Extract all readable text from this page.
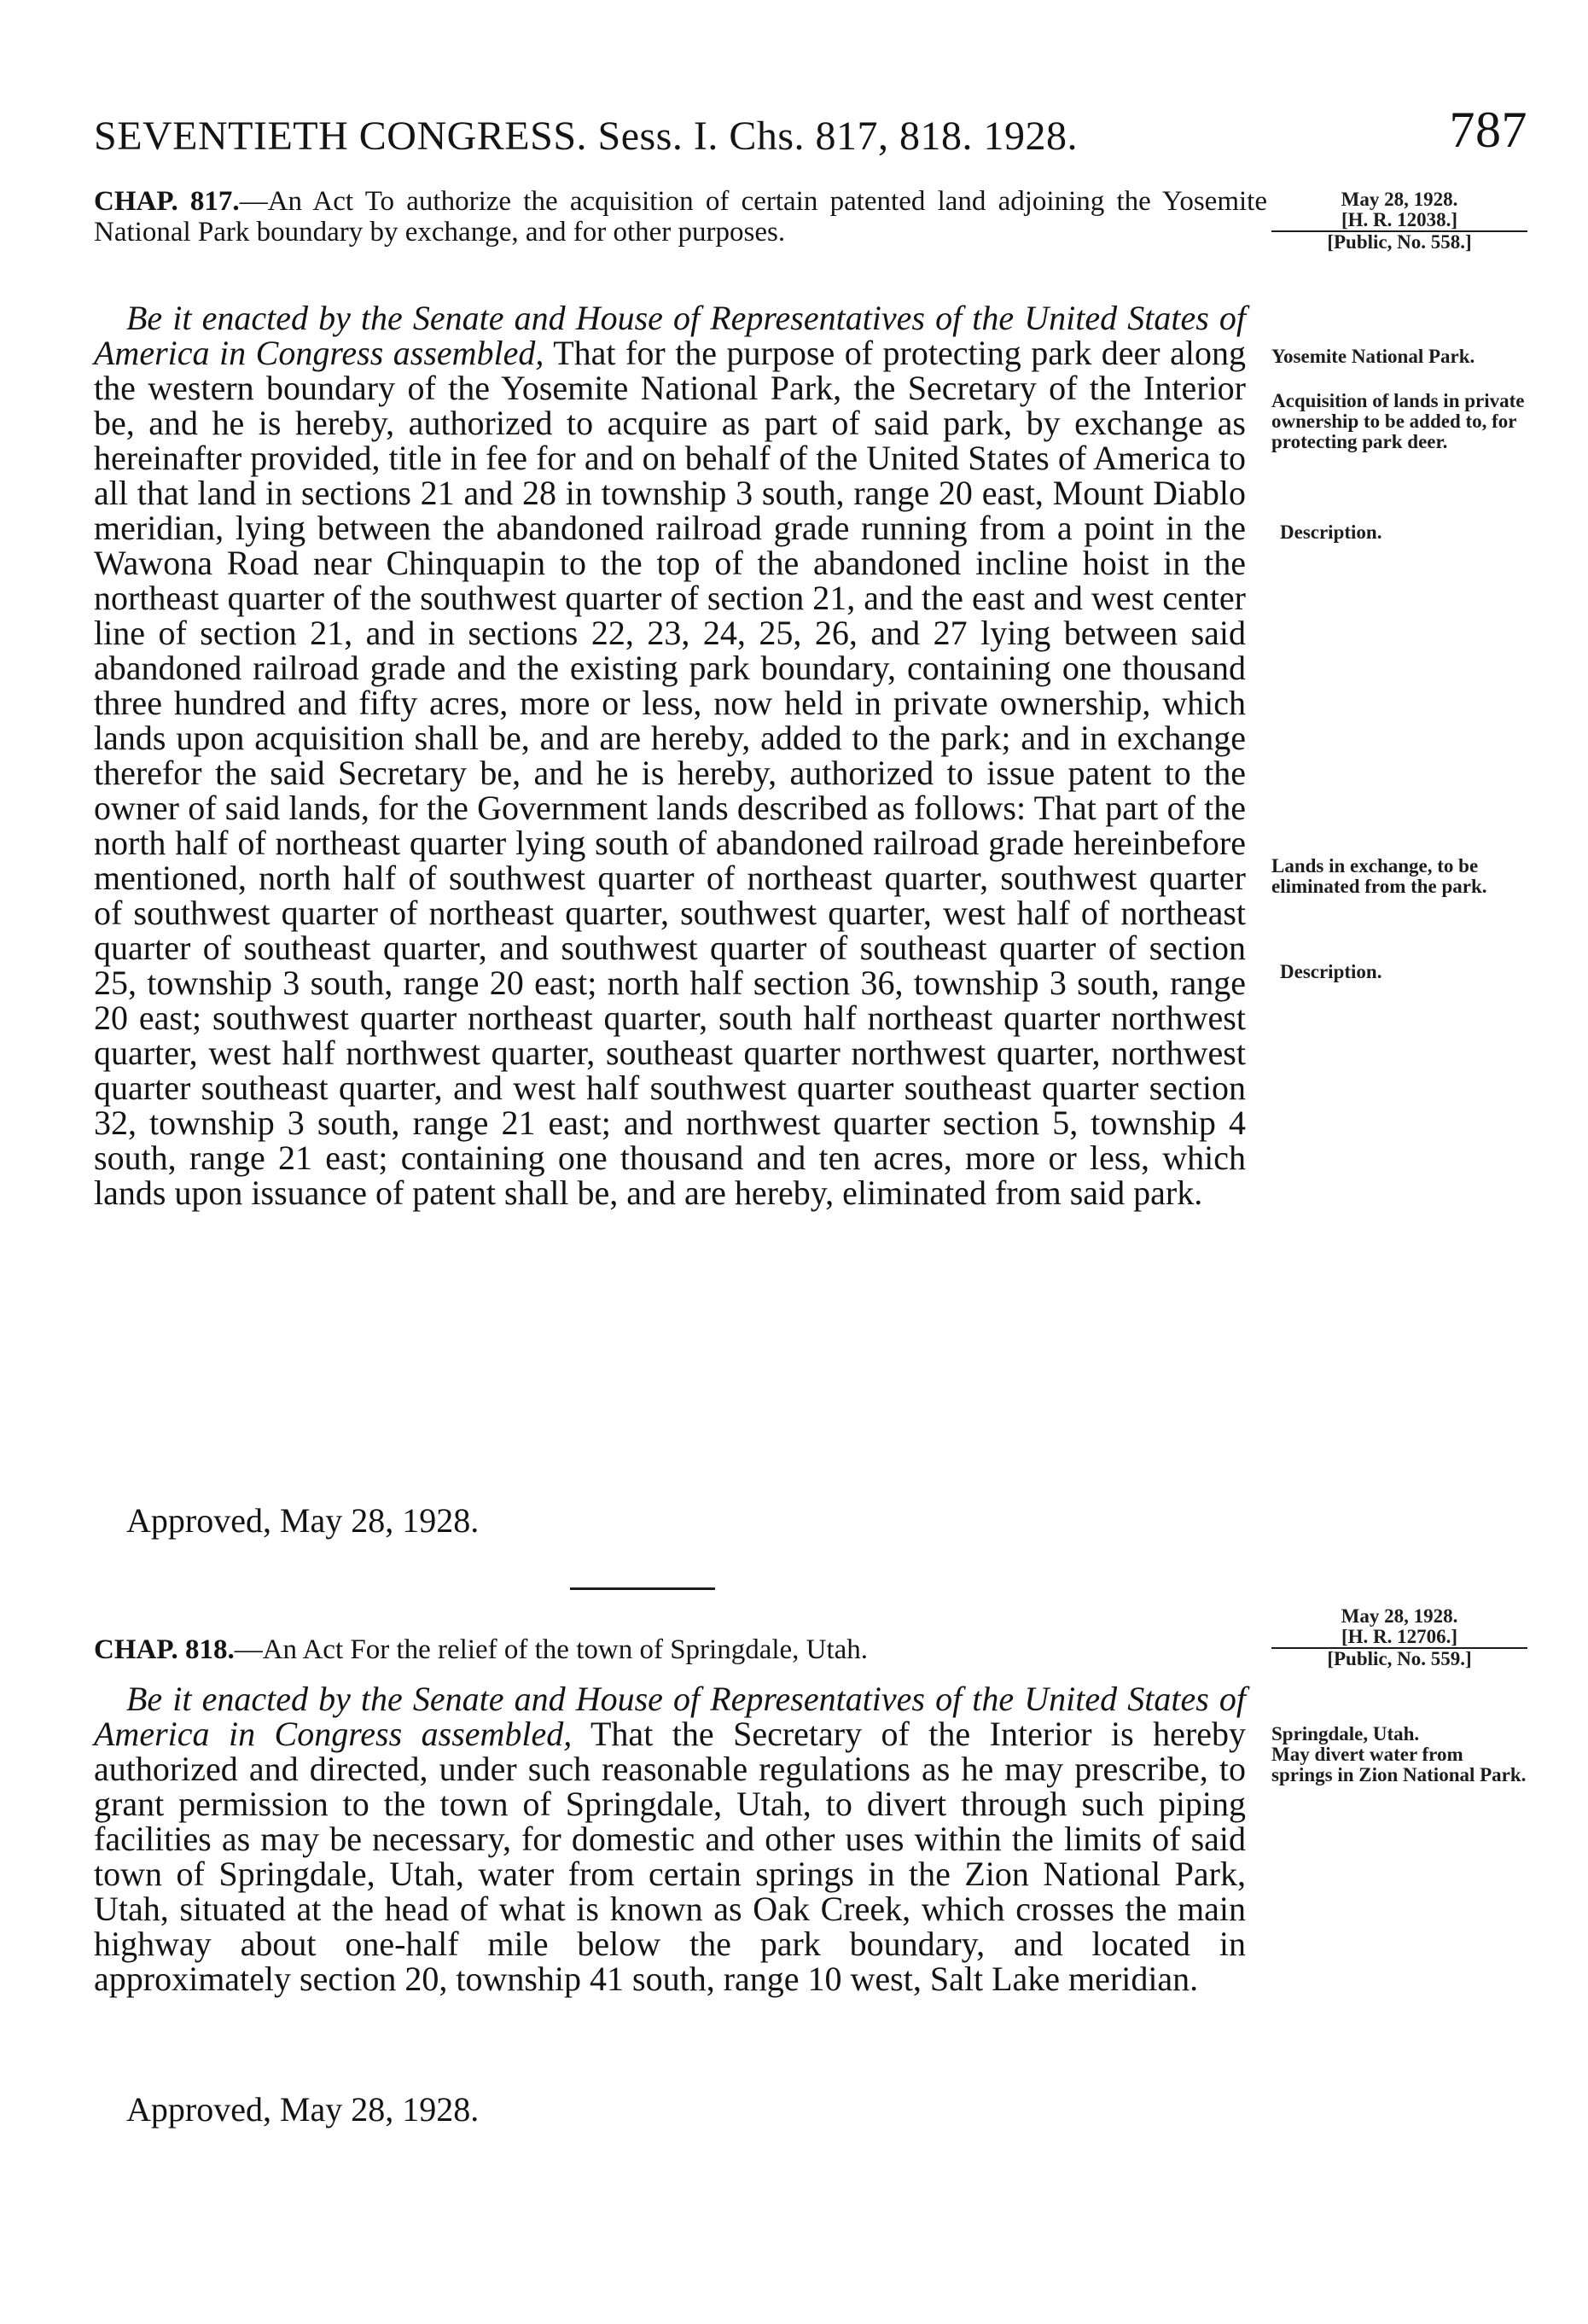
SEVENTIETH CONGRESS. Sess. I. Chs. 817, 818. 1928.	787

CHAP. 817.—An Act To authorize the acquisition of certain patented land adjoining the Yosemite National Park boundary by exchange, and for other purposes.

May 28, 1928.
[H. R. 12038.]
[Public, No. 558.]

Be it enacted by the Senate and House of Representatives of the United States of America in Congress assembled, That for the purpose of protecting park deer along the western boundary of the Yosemite National Park, the Secretary of the Interior be, and he is hereby, authorized to acquire as part of said park, by exchange as hereinafter provided, title in fee for and on behalf of the United States of America to all that land in sections 21 and 28 in township 3 south, range 20 east, Mount Diablo meridian, lying between the abandoned railroad grade running from a point in the Wawona Road near Chinquapin to the top of the abandoned incline hoist in the northeast quarter of the southwest quarter of section 21, and the east and west center line of section 21, and in sections 22, 23, 24, 25, 26, and 27 lying between said abandoned railroad grade and the existing park boundary, containing one thousand three hundred and fifty acres, more or less, now held in private ownership, which lands upon acquisition shall be, and are hereby, added to the park; and in exchange therefor the said Secretary be, and he is hereby, authorized to issue patent to the owner of said lands, for the Government lands described as follows: That part of the north half of northeast quarter lying south of abandoned railroad grade hereinbefore mentioned, north half of southwest quarter of northeast quarter, southwest quarter of southwest quarter of northeast quarter, southwest quarter, west half of northeast quarter of southeast quarter, and southwest quarter of southeast quarter of section 25, township 3 south, range 20 east; north half section 36, township 3 south, range 20 east; southwest quarter northeast quarter, south half northeast quarter northwest quarter, west half northwest quarter, southeast quarter northwest quarter, northwest quarter southeast quarter, and west half southwest quarter southeast quarter section 32, township 3 south, range 21 east; and northwest quarter section 5, township 4 south, range 21 east; containing one thousand and ten acres, more or less, which lands upon issuance of patent shall be, and are hereby, eliminated from said park.

Approved, May 28, 1928.

Yosemite National Park.
Acquisition of lands in private ownership to be added to, for protecting park deer.
Description.
Lands in exchange, to be eliminated from the park.
Description.

CHAP. 818.—An Act For the relief of the town of Springdale, Utah.

May 28, 1928.
[H. R. 12706.]
[Public, No. 559.]

Be it enacted by the Senate and House of Representatives of the United States of America in Congress assembled, That the Secretary of the Interior is hereby authorized and directed, under such reasonable regulations as he may prescribe, to grant permission to the town of Springdale, Utah, to divert through such piping facilities as may be necessary, for domestic and other uses within the limits of said town of Springdale, Utah, water from certain springs in the Zion National Park, Utah, situated at the head of what is known as Oak Creek, which crosses the main highway about one-half mile below the park boundary, and located in approximately section 20, township 41 south, range 10 west, Salt Lake meridian.

Approved, May 28, 1928.

Springdale, Utah.
May divert water from springs in Zion National Park.
